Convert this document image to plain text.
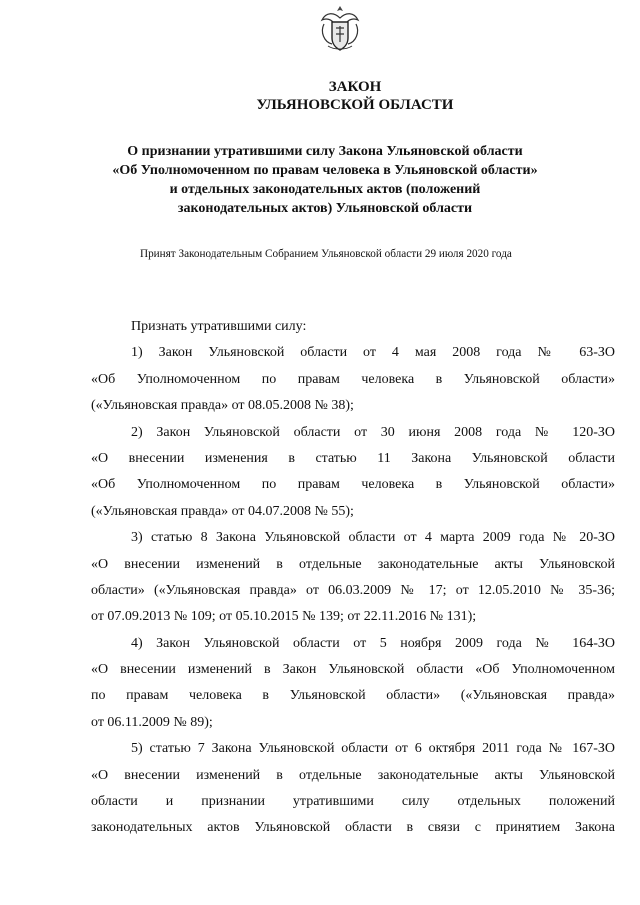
ЗАКОН
УЛЬЯНОВСКОЙ ОБЛАСТИ
О признании утратившими силу Закона Ульяновской области
«Об Уполномоченном по правам человека в Ульяновской области»
и отдельных законодательных актов (положений
законодательных актов) Ульяновской области
Принят Законодательным Собранием Ульяновской области 29 июля 2020 года
Признать утратившими силу:
1) Закон Ульяновской области от 4 мая 2008 года № 63-ЗО
«Об Уполномоченном по правам человека в Ульяновской области»
(«Ульяновская правда» от 08.05.2008 № 38);
2) Закон Ульяновской области от 30 июня 2008 года № 120-ЗО
«О внесении изменения в статью 11 Закона Ульяновской области
«Об Уполномоченном по правам человека в Ульяновской области»
(«Ульяновская правда» от 04.07.2008 № 55);
3) статью 8 Закона Ульяновской области от 4 марта 2009 года № 20-ЗО
«О внесении изменений в отдельные законодательные акты Ульяновской
области» («Ульяновская правда» от 06.03.2009 № 17; от 12.05.2010 № 35-36;
от 07.09.2013 № 109; от 05.10.2015 № 139; от 22.11.2016 № 131);
4) Закон Ульяновской области от 5 ноября 2009 года № 164-ЗО
«О внесении изменений в Закон Ульяновской области «Об Уполномоченном
по правам человека в Ульяновской области» («Ульяновская правда»
от 06.11.2009 № 89);
5) статью 7 Закона Ульяновской области от 6 октября 2011 года № 167-ЗО
«О внесении изменений в отдельные законодательные акты Ульяновской
области и признании утратившими силу отдельных положений
законодательных актов Ульяновской области в связи с принятием Закона
